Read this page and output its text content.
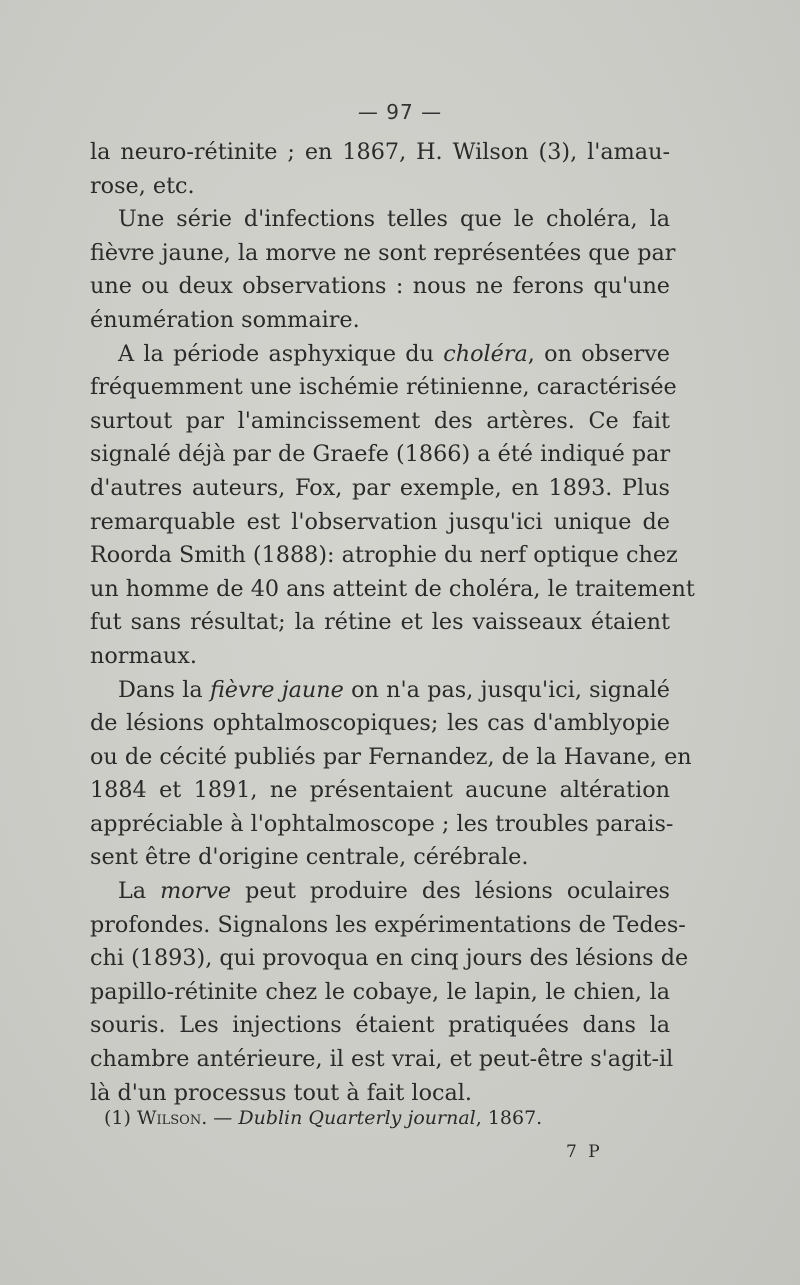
— 97 —
la neuro-rétinite ; en 1867, H. Wilson (3), l'amau-
rose, etc.
Une série d'infections telles que le choléra, la
fièvre jaune, la morve ne sont représentées que par
une ou deux observations : nous ne ferons qu'une
énumération sommaire.
A la période asphyxique du choléra, on observe
fréquemment une ischémie rétinienne, caractérisée
surtout par l'amincissement des artères. Ce fait
signalé déjà par de Graefe (1866) a été indiqué par
d'autres auteurs, Fox, par exemple, en 1893. Plus
remarquable est l'observation jusqu'ici unique de
Roorda Smith (1888): atrophie du nerf optique chez
un homme de 40 ans atteint de choléra, le traitement
fut sans résultat; la rétine et les vaisseaux étaient
normaux.
Dans la fièvre jaune on n'a pas, jusqu'ici, signalé
de lésions ophtalmoscopiques; les cas d'amblyopie
ou de cécité publiés par Fernandez, de la Havane, en
1884 et 1891, ne présentaient aucune altération
appréciable à l'ophtalmoscope ; les troubles parais-
sent être d'origine centrale, cérébrale.
La morve peut produire des lésions oculaires
profondes. Signalons les expérimentations de Tedes-
chi (1893), qui provoqua en cinq jours des lésions de
papillo-rétinite chez le cobaye, le lapin, le chien, la
souris. Les injections étaient pratiquées dans la
chambre antérieure, il est vrai, et peut-être s'agit-il
là d'un processus tout à fait local.
(1) Wilson. — Dublin Quarterly journal, 1867.
7 P
